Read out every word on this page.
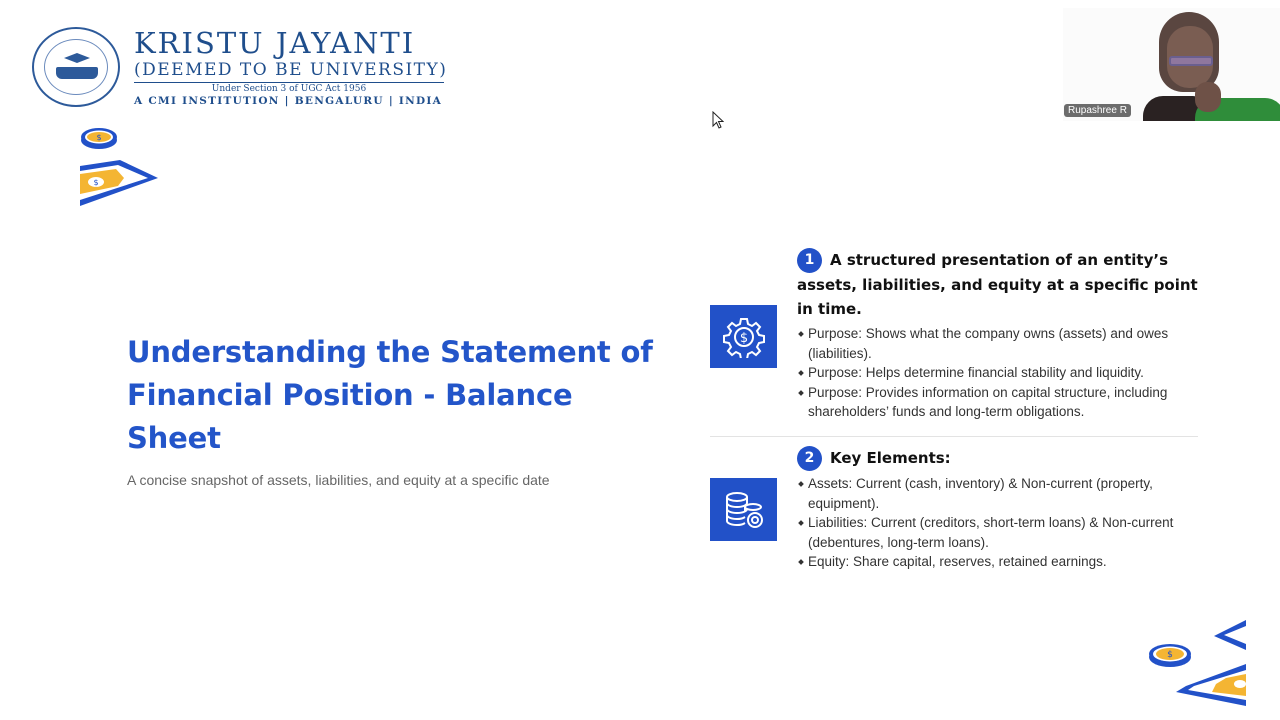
KRISTU JAYANTI
(DEEMED TO BE UNIVERSITY)
Under Section 3 of UGC Act 1956
A CMI INSTITUTION | BENGALURU | INDIA
Rupashree R
$
$
$
Understanding the Statement of Financial Position - Balance Sheet

A concise snapshot of assets, liabilities, and equity at a specific date

$
1 A structured presentation of an entity’s assets, liabilities, and equity at a specific point in time.
Purpose: Shows what the company owns (assets) and owes (liabilities).
Purpose: Helps determine financial stability and liquidity.
Purpose: Provides information on capital structure, including shareholders’ funds and long-term obligations.
2 Key Elements:
Assets: Current (cash, inventory) & Non-current (property, equipment).
Liabilities: Current (creditors, short-term loans) & Non-current (debentures, long-term loans).
Equity: Share capital, reserves, retained earnings.
